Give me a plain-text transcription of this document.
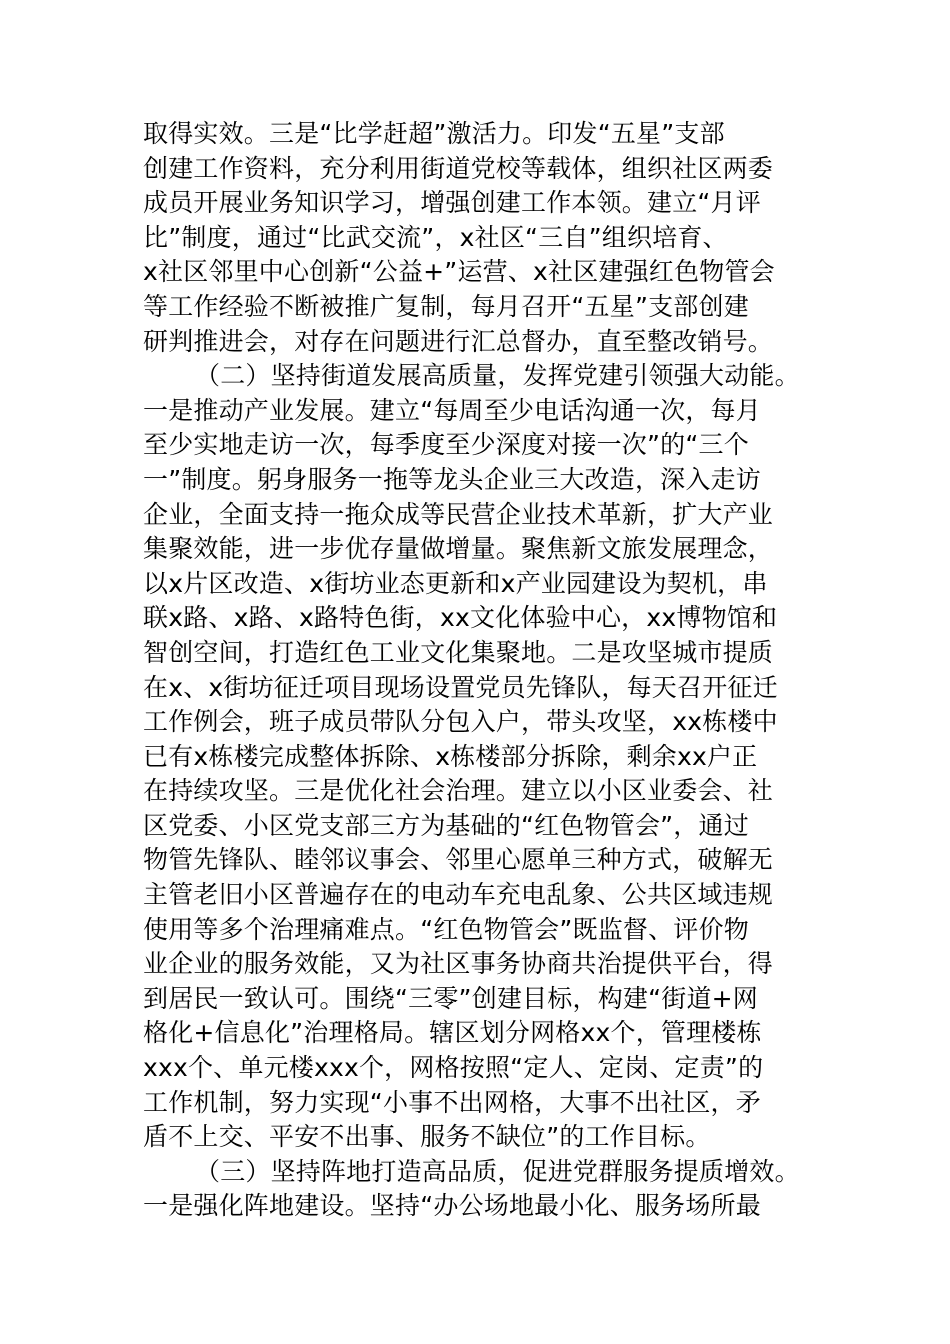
取得实效。三是“比学赶超”激活力。印发“五星”支部
创建工作资料，充分利用街道党校等载体，组织社区两委
成员开展业务知识学习，增强创建工作本领。建立“月评
比”制度，通过“比武交流”，x社区“三自”组织培育、
x社区邻里中心创新“公益+”运营、x社区建强红色物管会
等工作经验不断被推广复制，每月召开“五星”支部创建
研判推进会，对存在问题进行汇总督办，直至整改销号。
（二）坚持街道发展高质量，发挥党建引领强大动能。
一是推动产业发展。建立“每周至少电话沟通一次，每月
至少实地走访一次，每季度至少深度对接一次”的“三个
一”制度。躬身服务一拖等龙头企业三大改造，深入走访
企业，全面支持一拖众成等民营企业技术革新，扩大产业
集聚效能，进一步优存量做增量。聚焦新文旅发展理念，
以x片区改造、x街坊业态更新和x产业园建设为契机，串
联x路、x路、x路特色街，xx文化体验中心，xx博物馆和
智创空间，打造红色工业文化集聚地。二是攻坚城市提质
在x、x街坊征迁项目现场设置党员先锋队，每天召开征迁
工作例会，班子成员带队分包入户，带头攻坚，xx栋楼中
已有x栋楼完成整体拆除、x栋楼部分拆除，剩余xx户正
在持续攻坚。三是优化社会治理。建立以小区业委会、社
区党委、小区党支部三方为基础的“红色物管会”，通过
物管先锋队、睦邻议事会、邻里心愿单三种方式，破解无
主管老旧小区普遍存在的电动车充电乱象、公共区域违规
使用等多个治理痛难点。“红色物管会”既监督、评价物
业企业的服务效能，又为社区事务协商共治提供平台，得
到居民一致认可。围绕“三零”创建目标，构建“街道+网
格化+信息化”治理格局。辖区划分网格xx个，管理楼栋
xxx个、单元楼xxx个，网格按照“定人、定岗、定责”的
工作机制，努力实现“小事不出网格，大事不出社区，矛
盾不上交、平安不出事、服务不缺位”的工作目标。
（三）坚持阵地打造高品质，促进党群服务提质增效。
一是强化阵地建设。坚持“办公场地最小化、服务场所最
